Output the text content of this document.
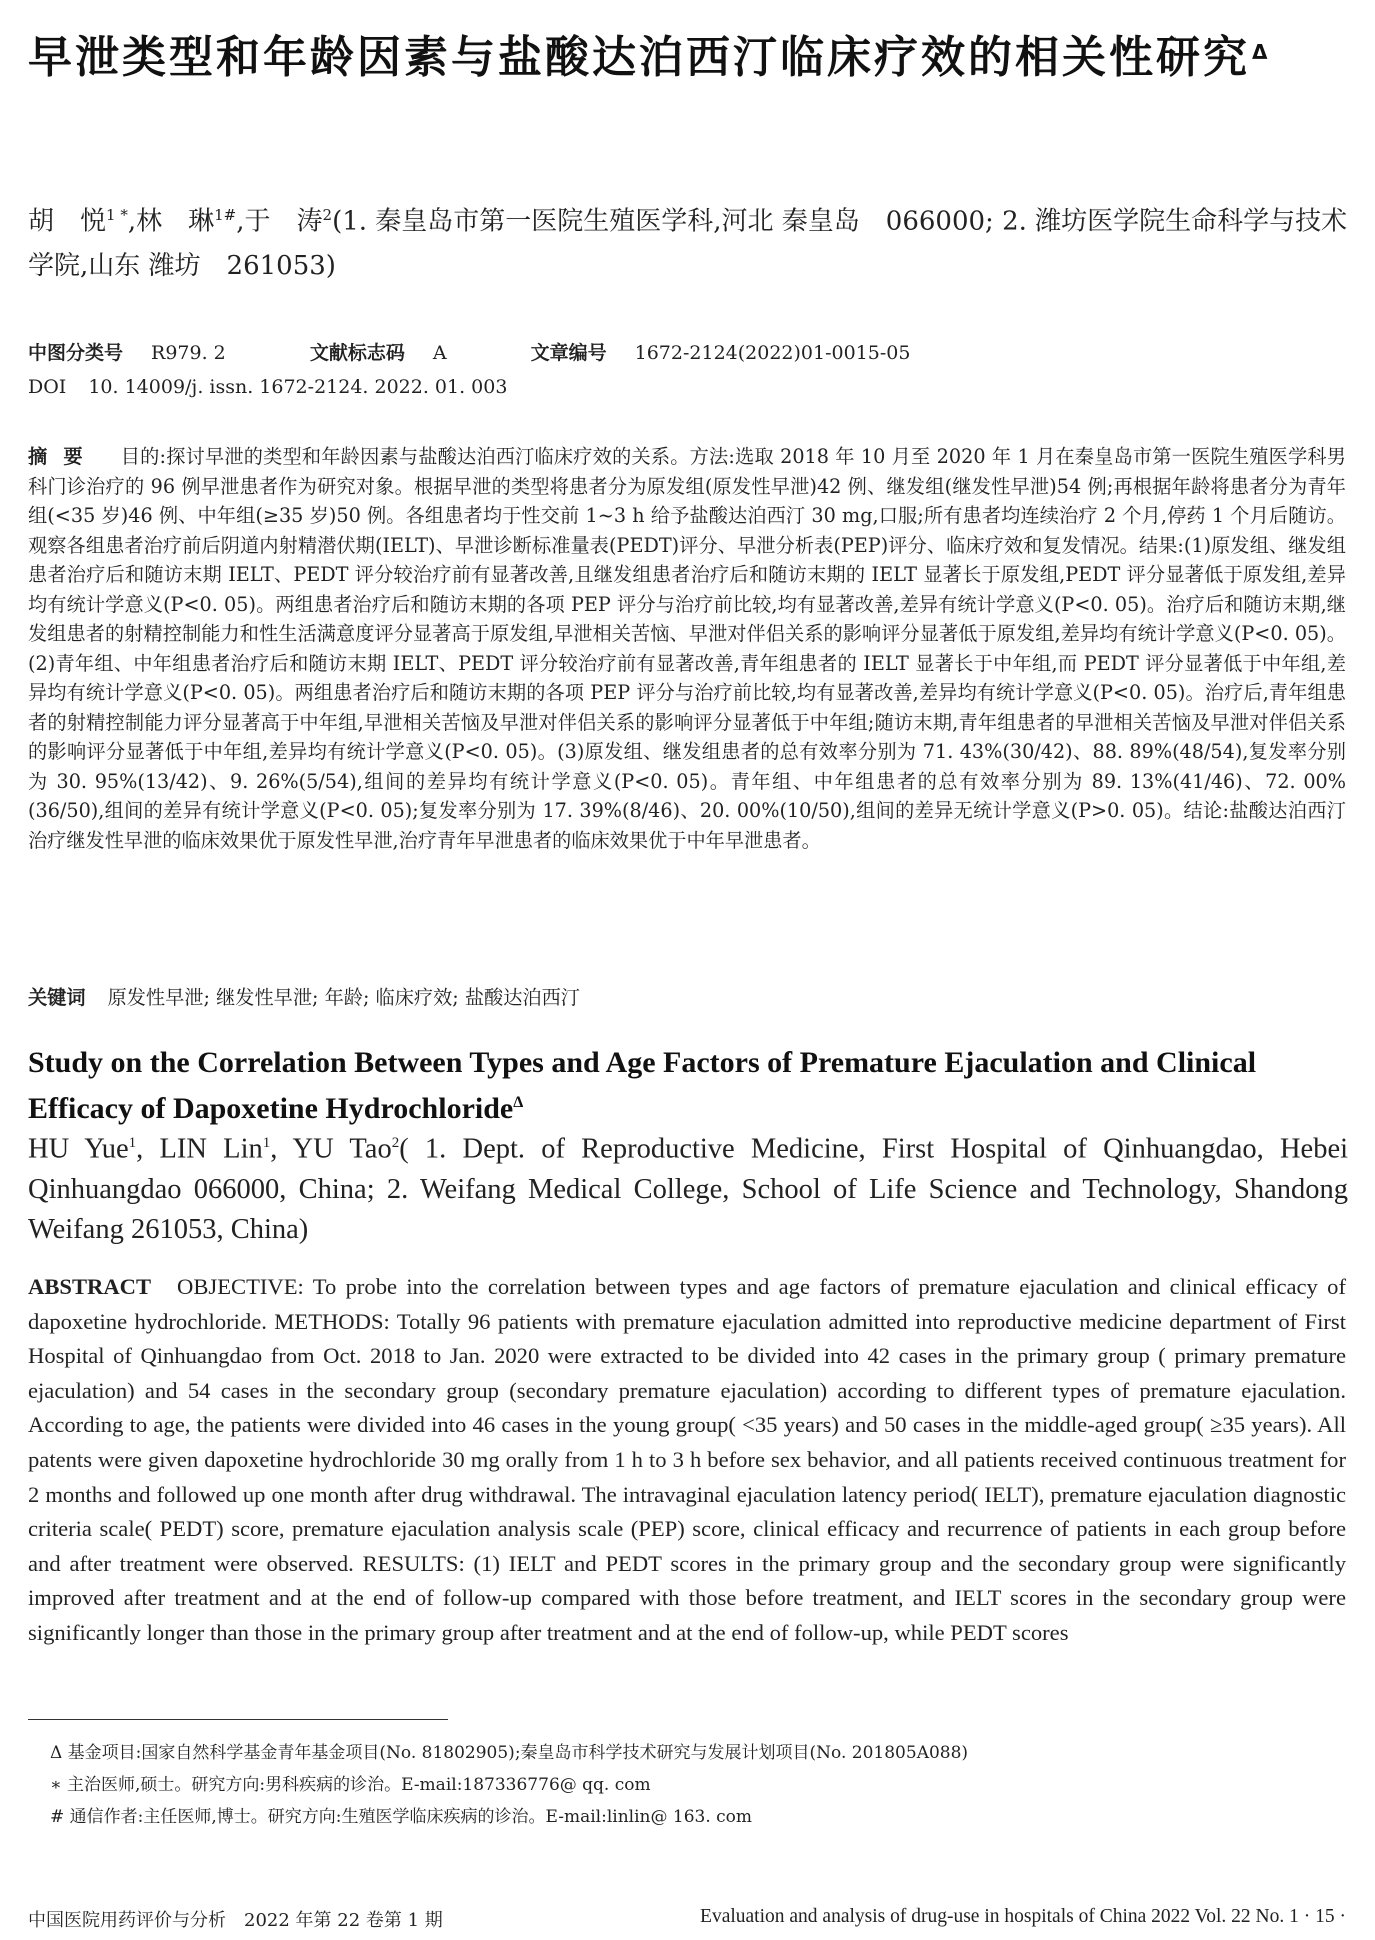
早泄类型和年龄因素与盐酸达泊西汀临床疗效的相关性研究 $^\Delta$
胡　悦$^{1 *}$,林　琳$^{1\#}$,于　涛$^2$(1. 秦皇岛市第一医院生殖医学科,河北 秦皇岛　066000; 2. 潍坊医学院生命科学与技术学院,山东 潍坊　261053)
中图分类号 R979. 2	文献标志码 A	文章编号 1672-2124(2022)01-0015-05
DOI 10. 14009/j. issn. 1672-2124. 2022. 01. 003
摘要 目的:探讨早泄的类型和年龄因素与盐酸达泊西汀临床疗效的关系。方法:选取 2018 年 10 月至 2020 年 1 月在秦皇岛市第一医院生殖医学科男科门诊治疗的 96 例早泄患者作为研究对象。根据早泄的类型将患者分为原发组(原发性早泄)42 例、继发组(继发性早泄)54 例;再根据年龄将患者分为青年组(<35 岁)46 例、中年组(≥35 岁)50 例。各组患者均于性交前 1~3 h 给予盐酸达泊西汀 30 mg,口服;所有患者均连续治疗 2 个月,停药 1 个月后随访。观察各组患者治疗前后阴道内射精潜伏期(IELT)、早泄诊断标准量表(PEDT)评分、早泄分析表(PEP)评分、临床疗效和复发情况。结果:(1)原发组、继发组患者治疗后和随访末期 IELT、PEDT 评分较治疗前有显著改善,且继发组患者治疗后和随访末期的 IELT 显著长于原发组,PEDT 评分显著低于原发组,差异均有统计学意义(P<0. 05)。两组患者治疗后和随访末期的各项 PEP 评分与治疗前比较,均有显著改善,差异有统计学意义(P<0. 05)。治疗后和随访末期,继发组患者的射精控制能力和性生活满意度评分显著高于原发组,早泄相关苦恼、早泄对伴侣关系的影响评分显著低于原发组,差异均有统计学意义(P<0. 05)。(2)青年组、中年组患者治疗后和随访末期 IELT、PEDT 评分较治疗前有显著改善,青年组患者的 IELT 显著长于中年组,而 PEDT 评分显著低于中年组,差异均有统计学意义(P<0. 05)。两组患者治疗后和随访末期的各项 PEP 评分与治疗前比较,均有显著改善,差异均有统计学意义(P<0. 05)。治疗后,青年组患者的射精控制能力评分显著高于中年组,早泄相关苦恼及早泄对伴侣关系的影响评分显著低于中年组;随访末期,青年组患者的早泄相关苦恼及早泄对伴侣关系的影响评分显著低于中年组,差异均有统计学意义(P<0. 05)。(3)原发组、继发组患者的总有效率分别为 71. 43%(30/42)、88. 89%(48/54),复发率分别为 30. 95%(13/42)、9. 26%(5/54),组间的差异均有统计学意义(P<0. 05)。青年组、中年组患者的总有效率分别为 89. 13%(41/46)、72. 00%(36/50),组间的差异有统计学意义(P<0. 05);复发率分别为 17. 39%(8/46)、20. 00%(10/50),组间的差异无统计学意义(P>0. 05)。结论:盐酸达泊西汀治疗继发性早泄的临床效果优于原发性早泄,治疗青年早泄患者的临床效果优于中年早泄患者。
关键词 原发性早泄; 继发性早泄; 年龄; 临床疗效; 盐酸达泊西汀
Study on the Correlation Between Types and Age Factors of Premature Ejaculation and Clinical Efficacy of Dapoxetine Hydrochloride$^\Delta$
HU Yue$^1$, LIN Lin$^1$, YU Tao$^2$( 1. Dept. of Reproductive Medicine, First Hospital of Qinhuangdao, Hebei Qinhuangdao 066000, China; 2. Weifang Medical College, School of Life Science and Technology, Shandong Weifang 261053, China)
ABSTRACT OBJECTIVE: To probe into the correlation between types and age factors of premature ejaculation and clinical efficacy of dapoxetine hydrochloride. METHODS: Totally 96 patients with premature ejaculation admitted into reproductive medicine department of First Hospital of Qinhuangdao from Oct. 2018 to Jan. 2020 were extracted to be divided into 42 cases in the primary group ( primary premature ejaculation) and 54 cases in the secondary group (secondary premature ejaculation) according to different types of premature ejaculation. According to age, the patients were divided into 46 cases in the young group( <35 years) and 50 cases in the middle-aged group( ≥35 years). All patents were given dapoxetine hydrochloride 30 mg orally from 1 h to 3 h before sex behavior, and all patients received continuous treatment for 2 months and followed up one month after drug withdrawal. The intravaginal ejaculation latency period( IELT), premature ejaculation diagnostic criteria scale( PEDT) score, premature ejaculation analysis scale (PEP) score, clinical efficacy and recurrence of patients in each group before and after treatment were observed. RESULTS: (1) IELT and PEDT scores in the primary group and the secondary group were significantly improved after treatment and at the end of follow-up compared with those before treatment, and IELT scores in the secondary group were significantly longer than those in the primary group after treatment and at the end of follow-up, while PEDT scores
Δ 基金项目:国家自然科学基金青年基金项目(No. 81802905);秦皇岛市科学技术研究与发展计划项目(No. 201805A088)
∗ 主治医师,硕士。研究方向:男科疾病的诊治。E-mail:187336776@ qq. com
# 通信作者:主任医师,博士。研究方向:生殖医学临床疾病的诊治。E-mail:linlin@ 163. com
中国医院用药评价与分析　2022 年第 22 卷第 1 期	Evaluation and analysis of drug-use in hospitals of China 2022 Vol. 22 No. 1 · 15 ·
